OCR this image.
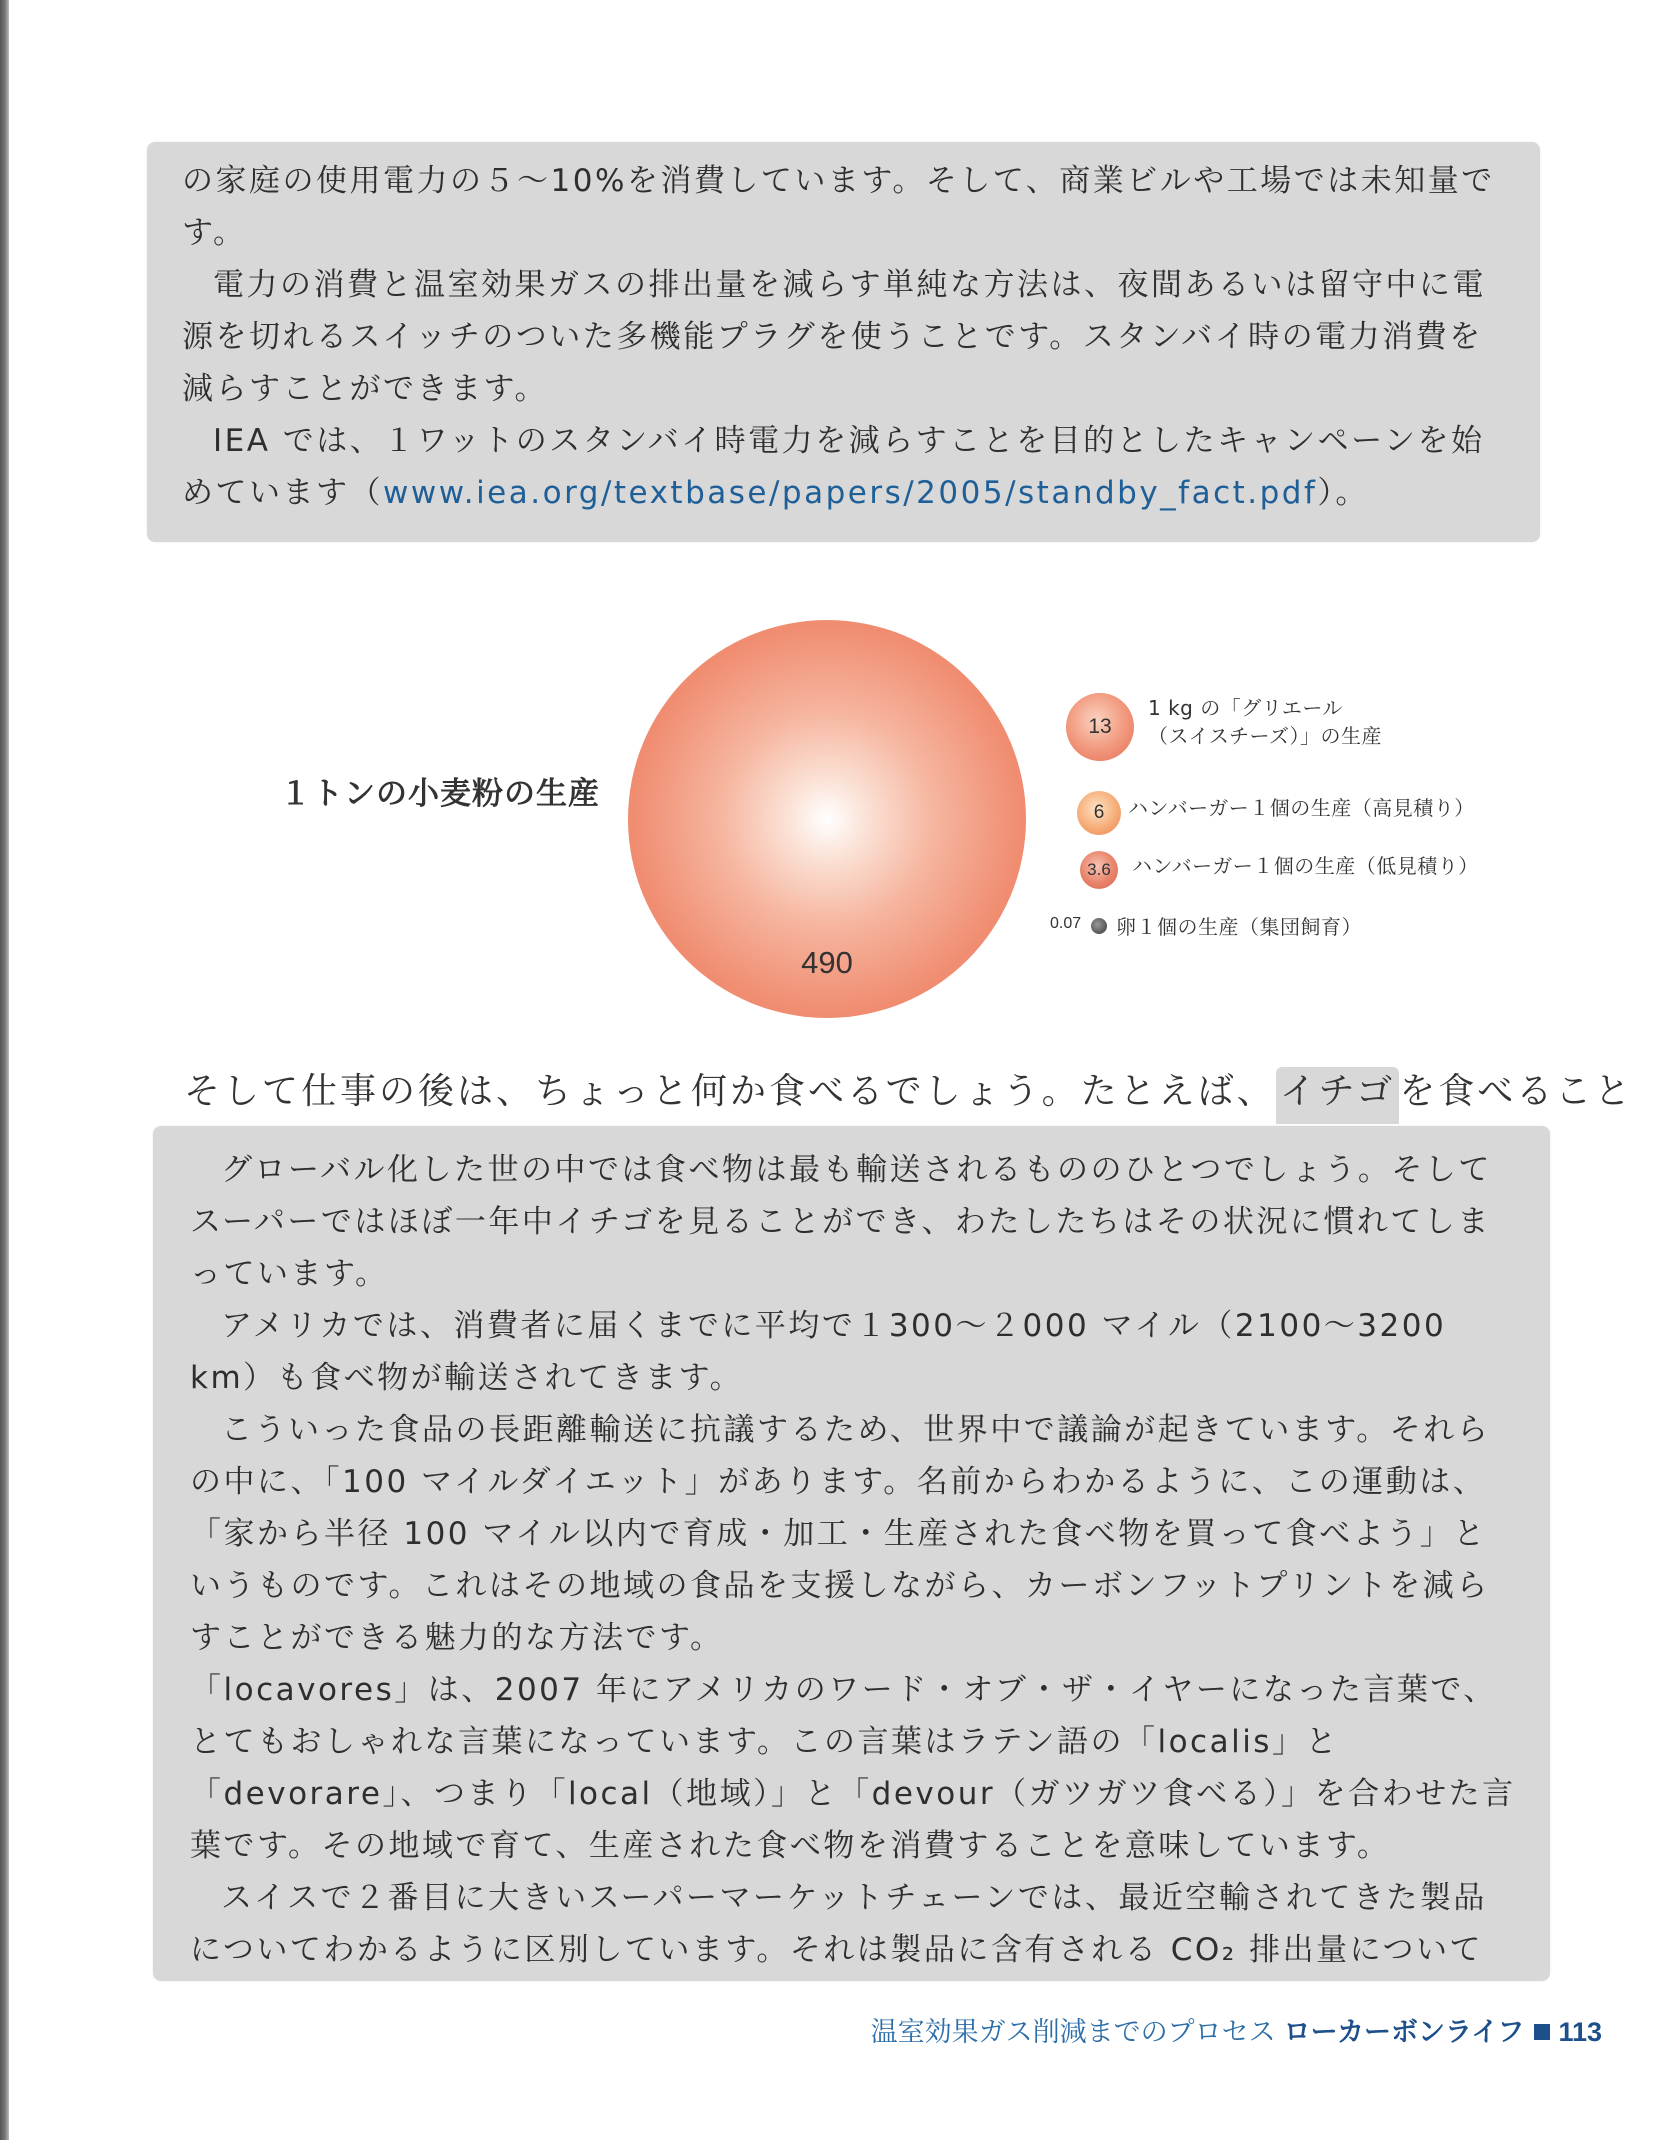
の家庭の使用電力の５～10%を消費しています。そして、商業ビルや工場では未知量です。

電力の消費と温室効果ガスの排出量を減らす単純な方法は、夜間あるいは留守中に電源を切れるスイッチのついた多機能プラグを使うことです。スタンバイ時の電力消費を減らすことができます。

IEA では、１ワットのスタンバイ時電力を減らすことを目的としたキャンペーンを始めています（www.iea.org/textbase/papers/2005/standby_fact.pdf）。

１トンの小麦粉の生産
490
13
1 kg の「グリエール
（スイスチーズ）」の生産
6 ハンバーガー１個の生産（高見積り）
3.6 ハンバーガー１個の生産（低見積り）
0.07 卵１個の生産（集団飼育）
そして仕事の後は、ちょっと何か食べるでしょう。たとえば、 イチゴ を食べること

グローバル化した世の中では食べ物は最も輸送されるもののひとつでしょう。そしてスーパーではほぼ一年中イチゴを見ることができ、わたしたちはその状況に慣れてしまっています。

アメリカでは、消費者に届くまでに平均で１300～２000 マイル（2100～3200 km）も食べ物が輸送されてきます。

こういった食品の長距離輸送に抗議するため、世界中で議論が起きています。それらの中に、「100 マイルダイエット」があります。名前からわかるように、この運動は、「家から半径 100 マイル以内で育成・加工・生産された食べ物を買って食べよう」というものです。これはその地域の食品を支援しながら、カーボンフットプリントを減らすことができる魅力的な方法です。

「locavores」は、2007 年にアメリカのワード・オブ・ザ・イヤーになった言葉で、とてもおしゃれな言葉になっています。この言葉はラテン語の「localis」と「devorare」、つまり「local（地域）」と「devour（ガツガツ食べる）」を合わせた言葉です。その地域で育て、生産された食べ物を消費することを意味しています。

スイスで２番目に大きいスーパーマーケットチェーンでは、最近空輸されてきた製品についてわかるように区別しています。それは製品に含有される CO₂ 排出量について

温室効果ガス削減までのプロセス ローカーボンライフ 113
